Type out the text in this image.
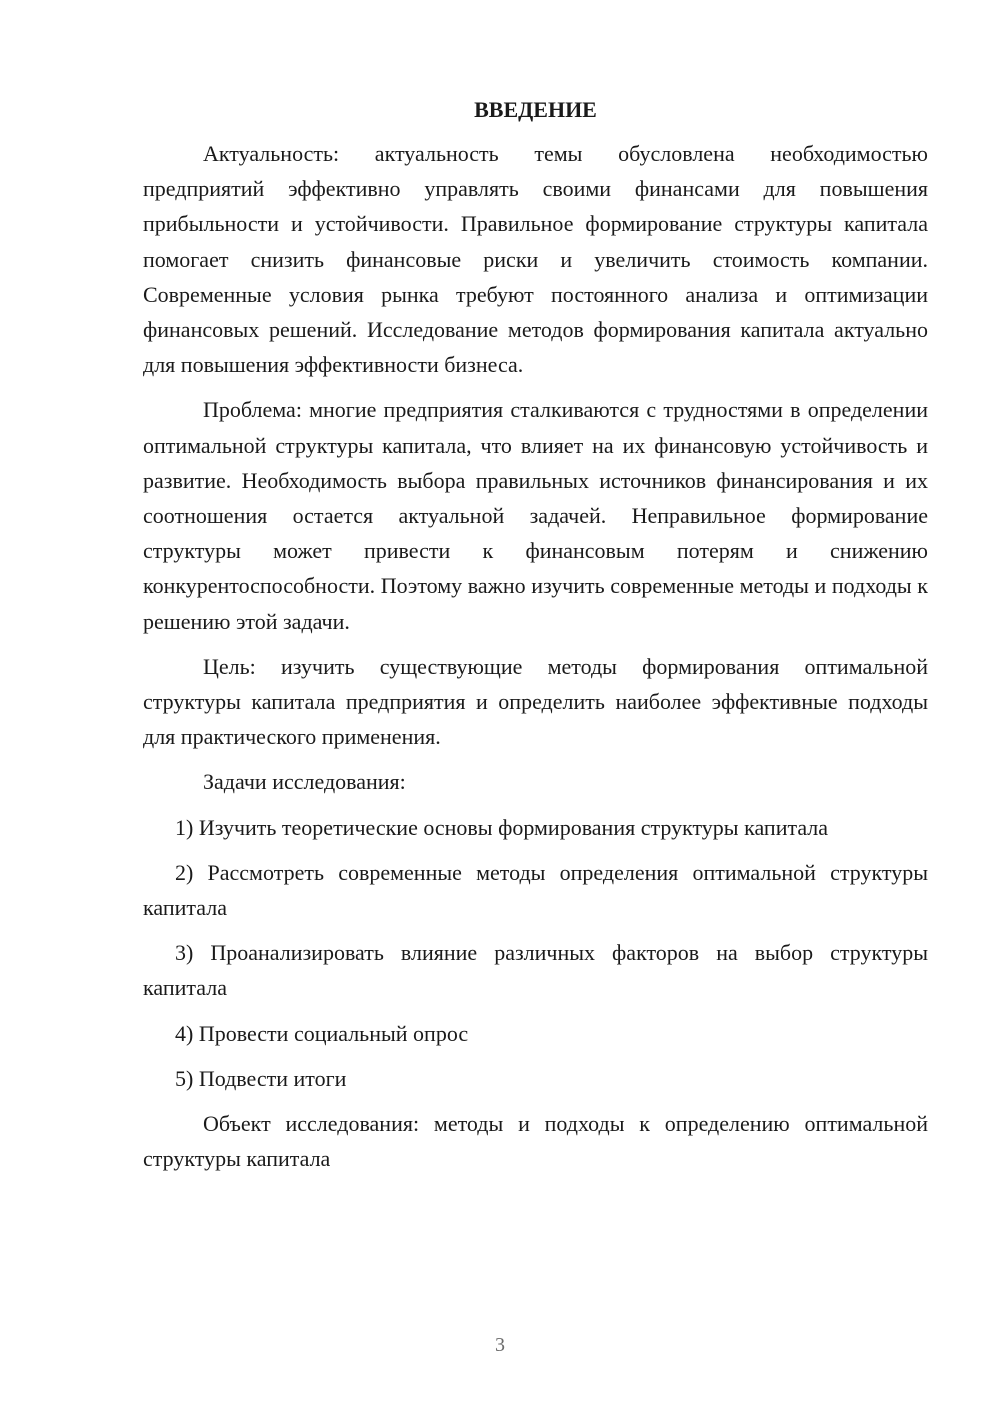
ВВЕДЕНИЕ

Актуальность: актуальность темы обусловлена необходимостью предприятий эффективно управлять своими финансами для повышения прибыльности и устойчивости. Правильное формирование структуры капитала помогает снизить финансовые риски и увеличить стоимость компании. Современные условия рынка требуют постоянного анализа и оптимизации финансовых решений. Исследование методов формирования капитала актуально для повышения эффективности бизнеса.

Проблема: многие предприятия сталкиваются с трудностями в определении оптимальной структуры капитала, что влияет на их финансовую устойчивость и развитие. Необходимость выбора правильных источников финансирования и их соотношения остается актуальной задачей. Неправильное формирование структуры может привести к финансовым потерям и снижению конкурентоспособности. Поэтому важно изучить современные методы и подходы к решению этой задачи.

Цель: изучить существующие методы формирования оптимальной структуры капитала предприятия и определить наиболее эффективные подходы для практического применения.

Задачи исследования:

1) Изучить теоретические основы формирования структуры капитала

2) Рассмотреть современные методы определения оптимальной структуры капитала

3) Проанализировать влияние различных факторов на выбор структуры капитала

4) Провести социальный опрос

5) Подвести итоги

Объект исследования: методы и подходы к определению оптимальной структуры капитала

3
